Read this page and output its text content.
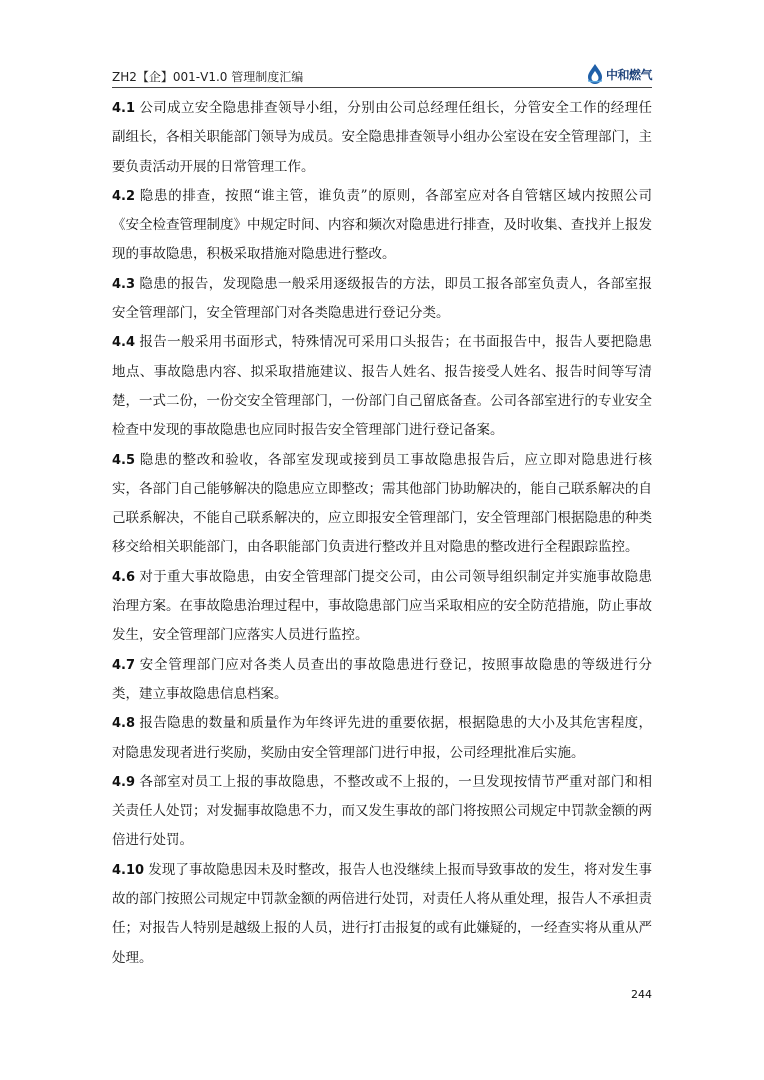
ZH2【企】001-V1.0 管理制度汇编	中和燃气

4.1 公司成立安全隐患排查领导小组，分别由公司总经理任组长，分管安全工作的经理任副组长，各相关职能部门领导为成员。安全隐患排查领导小组办公室设在安全管理部门，主要负责活动开展的日常管理工作。

4.2 隐患的排查，按照“谁主管，谁负责”的原则，各部室应对各自管辖区域内按照公司《安全检查管理制度》中规定时间、内容和频次对隐患进行排查，及时收集、查找并上报发现的事故隐患，积极采取措施对隐患进行整改。

4.3 隐患的报告，发现隐患一般采用逐级报告的方法，即员工报各部室负责人，各部室报安全管理部门，安全管理部门对各类隐患进行登记分类。

4.4 报告一般采用书面形式，特殊情况可采用口头报告；在书面报告中，报告人要把隐患地点、事故隐患内容、拟采取措施建议、报告人姓名、报告接受人姓名、报告时间等写清楚，一式二份，一份交安全管理部门，一份部门自己留底备查。公司各部室进行的专业安全检查中发现的事故隐患也应同时报告安全管理部门进行登记备案。

4.5 隐患的整改和验收，各部室发现或接到员工事故隐患报告后，应立即对隐患进行核实，各部门自己能够解决的隐患应立即整改；需其他部门协助解决的，能自己联系解决的自己联系解决，不能自己联系解决的，应立即报安全管理部门，安全管理部门根据隐患的种类移交给相关职能部门，由各职能部门负责进行整改并且对隐患的整改进行全程跟踪监控。

4.6 对于重大事故隐患，由安全管理部门提交公司，由公司领导组织制定并实施事故隐患治理方案。在事故隐患治理过程中，事故隐患部门应当采取相应的安全防范措施，防止事故发生，安全管理部门应落实人员进行监控。

4.7 安全管理部门应对各类人员查出的事故隐患进行登记，按照事故隐患的等级进行分类，建立事故隐患信息档案。

4.8 报告隐患的数量和质量作为年终评先进的重要依据，根据隐患的大小及其危害程度，对隐患发现者进行奖励，奖励由安全管理部门进行申报，公司经理批准后实施。

4.9 各部室对员工上报的事故隐患，不整改或不上报的，一旦发现按情节严重对部门和相关责任人处罚；对发掘事故隐患不力，而又发生事故的部门将按照公司规定中罚款金额的两倍进行处罚。

4.10 发现了事故隐患因未及时整改，报告人也没继续上报而导致事故的发生，将对发生事故的部门按照公司规定中罚款金额的两倍进行处罚，对责任人将从重处理，报告人不承担责任；对报告人特别是越级上报的人员，进行打击报复的或有此嫌疑的，一经查实将从重从严处理。

244
